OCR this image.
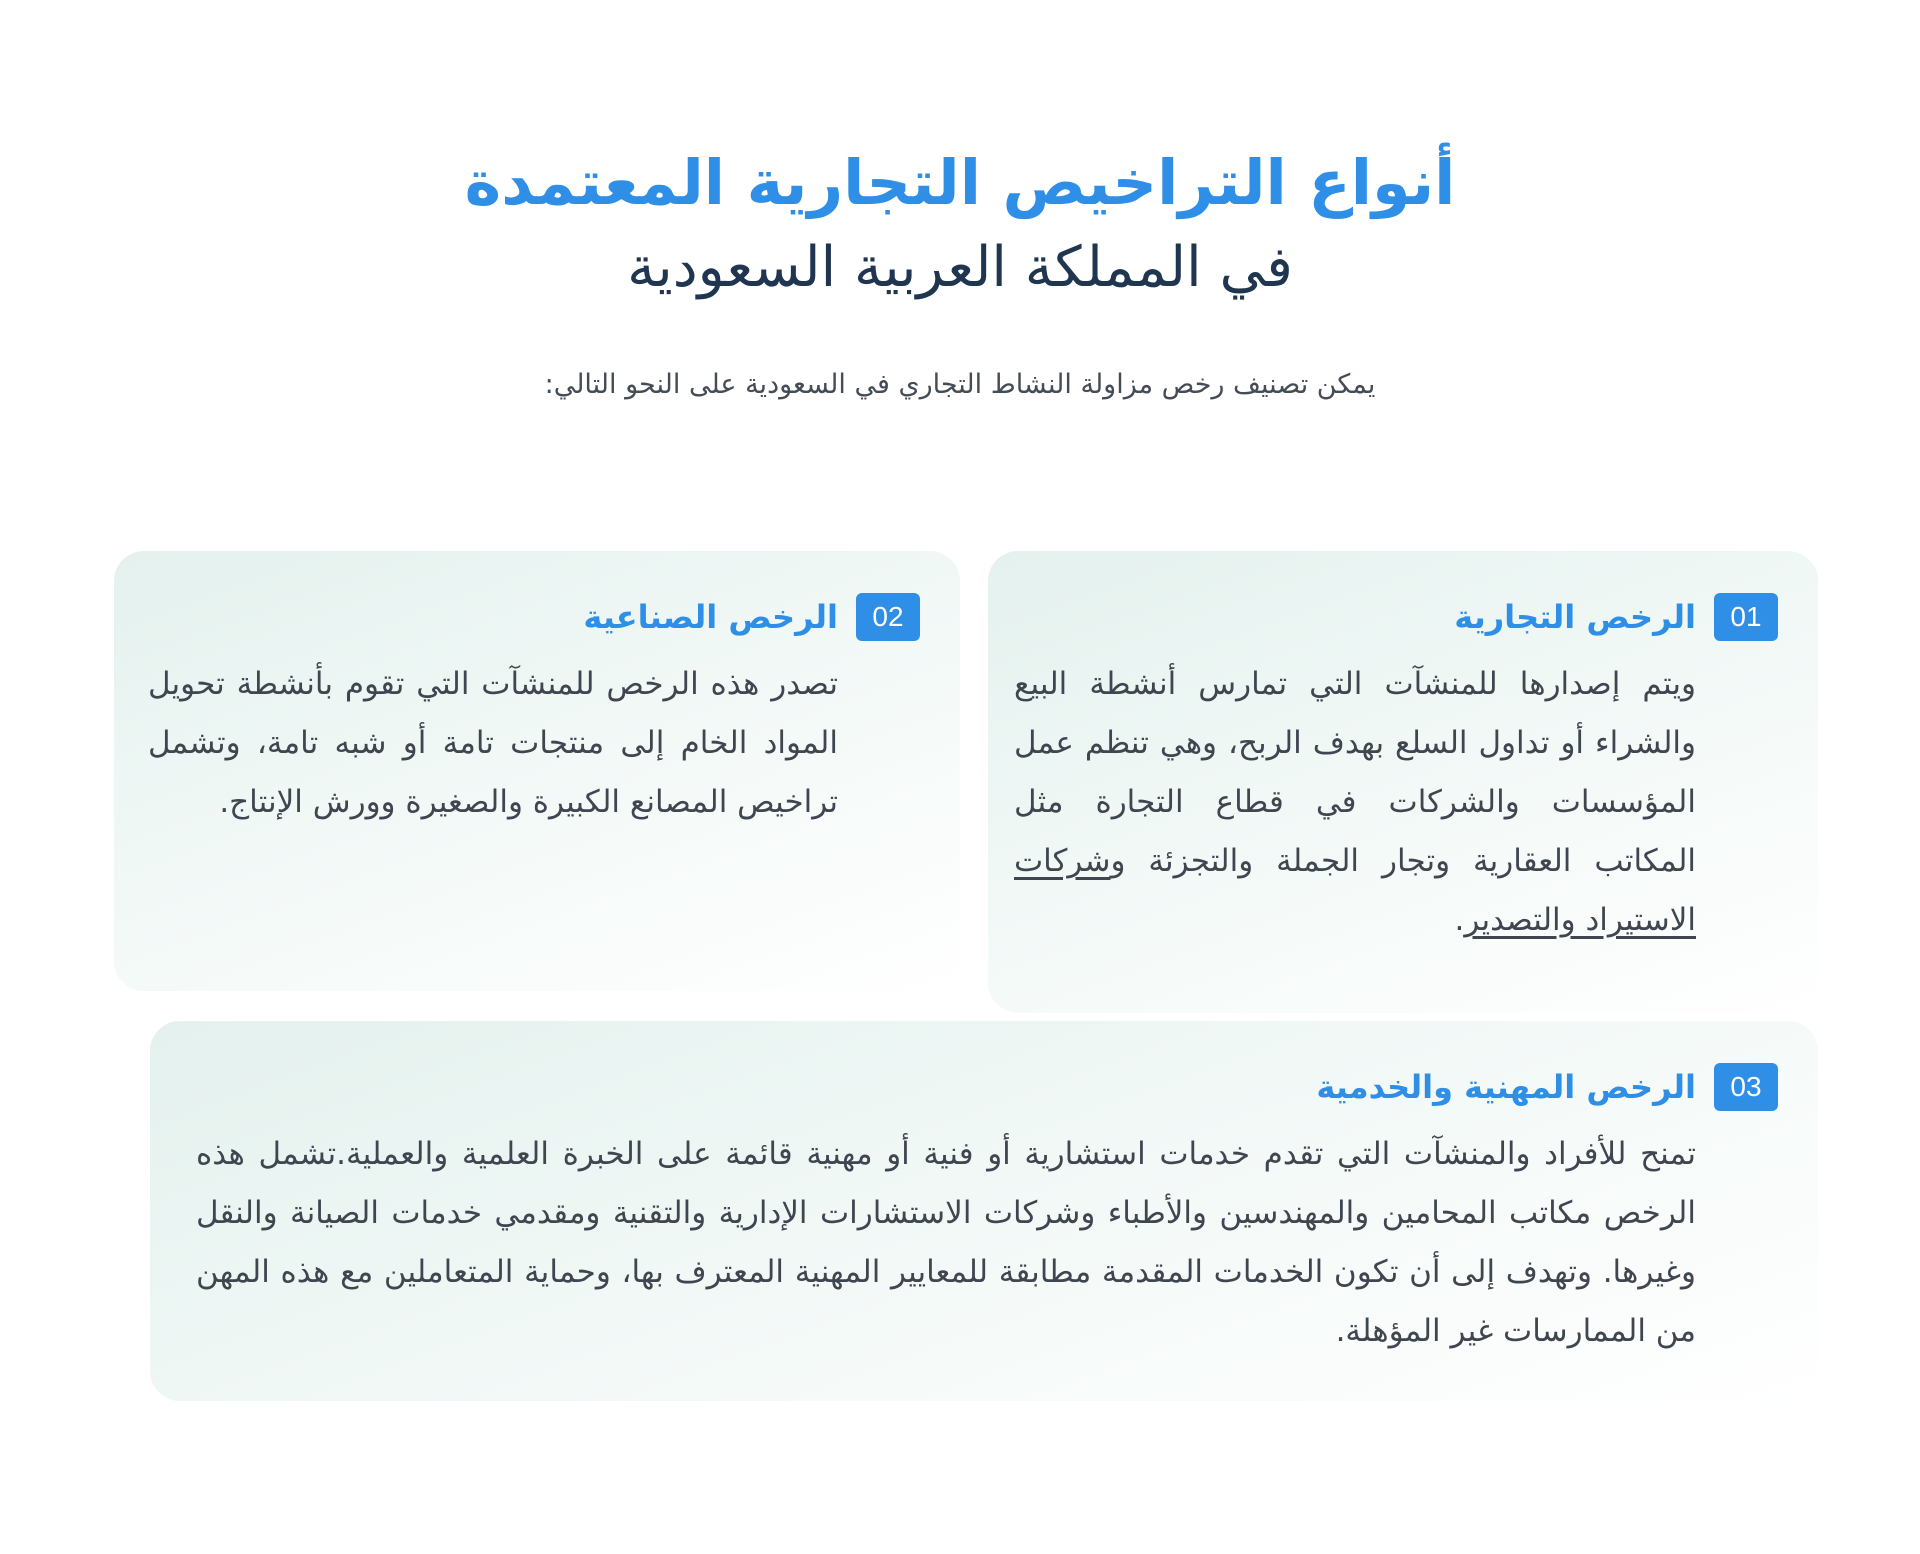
أنواع التراخيص التجارية المعتمدة
في المملكة العربية السعودية

يمكن تصنيف رخص مزاولة النشاط التجاري في السعودية على النحو التالي:

01
الرخص التجارية

ويتم إصدارها للمنشآت التي تمارس أنشطة البيع والشراء أو تداول السلع بهدف الربح، وهي تنظم عمل المؤسسات والشركات في قطاع التجارة مثل المكاتب العقارية وتجار الجملة والتجزئة وشركات الاستيراد والتصدير.

02
الرخص الصناعية

تصدر هذه الرخص للمنشآت التي تقوم بأنشطة تحويل المواد الخام إلى منتجات تامة أو شبه تامة، وتشمل تراخيص المصانع الكبيرة والصغيرة وورش الإنتاج.

03
الرخص المهنية والخدمية

تمنح للأفراد والمنشآت التي تقدم خدمات استشارية أو فنية أو مهنية قائمة على الخبرة العلمية والعملية.تشمل هذه الرخص مكاتب المحامين والمهندسين والأطباء وشركات الاستشارات الإدارية والتقنية ومقدمي خدمات الصيانة والنقل وغيرها. وتهدف إلى أن تكون الخدمات المقدمة مطابقة للمعايير المهنية المعترف بها، وحماية المتعاملين مع هذه المهن من الممارسات غير المؤهلة.
